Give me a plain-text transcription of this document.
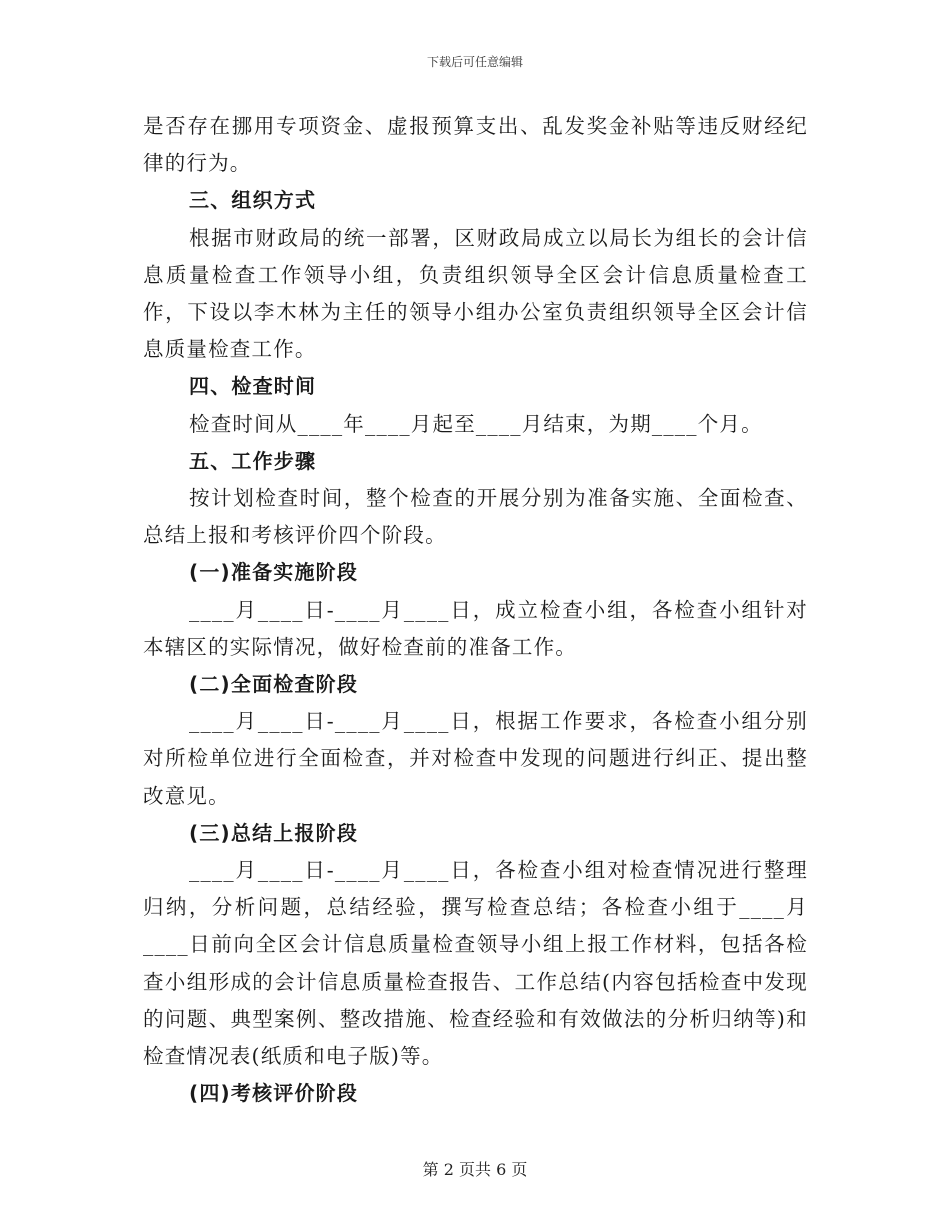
下载后可任意编辑

是否存在挪用专项资金、虚报预算支出、乱发奖金补贴等违反财经纪律的行为。

三、组织方式

根据市财政局的统一部署，区财政局成立以局长为组长的会计信息质量检查工作领导小组，负责组织领导全区会计信息质量检查工作，下设以李木林为主任的领导小组办公室负责组织领导全区会计信息质量检查工作。

四、检查时间

检查时间从____年____月起至____月结束，为期____个月。

五、工作步骤

按计划检查时间，整个检查的开展分别为准备实施、全面检查、总结上报和考核评价四个阶段。

(一)准备实施阶段

____月____日-____月____日，成立检查小组，各检查小组针对本辖区的实际情况，做好检查前的准备工作。

(二)全面检查阶段

____月____日-____月____日，根据工作要求，各检查小组分别对所检单位进行全面检查，并对检查中发现的问题进行纠正、提出整改意见。

(三)总结上报阶段

____月____日-____月____日，各检查小组对检查情况进行整理归纳，分析问题，总结经验，撰写检查总结；各检查小组于____月____日前向全区会计信息质量检查领导小组上报工作材料，包括各检查小组形成的会计信息质量检查报告、工作总结(内容包括检查中发现的问题、典型案例、整改措施、检查经验和有效做法的分析归纳等)和检查情况表(纸质和电子版)等。

(四)考核评价阶段
第 2 页共 6 页
